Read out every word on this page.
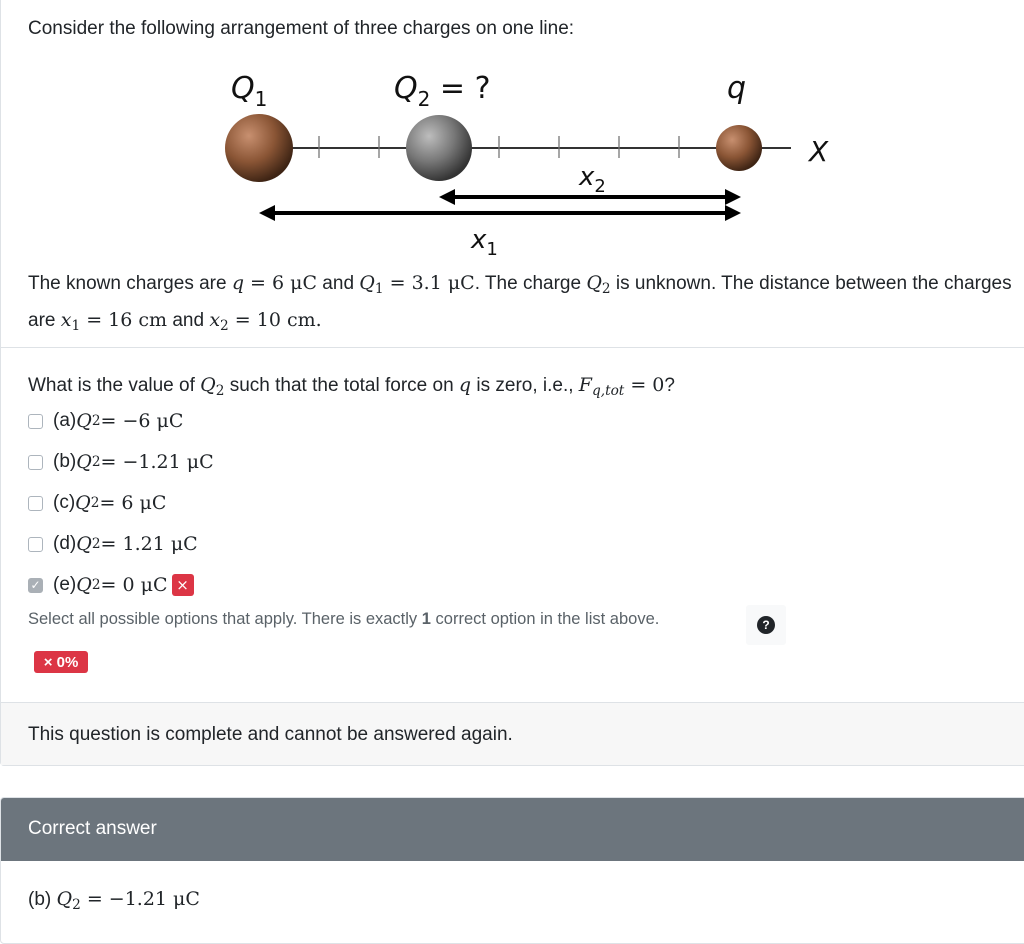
Consider the following arrangement of three charges on one line:
$Q_1$	$Q_2$ = ?	q
X
$x_2$
$x_1$
The known charges are q = 6 μC and $Q_1 = 3.1$ μC. The charge $Q_2$ is unknown. The distance between the charges are $x_1 = 16$ cm and $x_2 = 10$ cm.
What is the value of $Q_2$ such that the total force on q is zero, i.e., $F_{q,tot} = 0$?
(a) Q 2 = −6 μC
(b) Q 2 = −1.21 μC
(c) Q 2 = 6 μC
(d) Q 2 = 1.21 μC
✓ (e) Q 2 = 0 μC ×
Select all possible options that apply. There is exactly 1 correct option in the list above.	?
× 0%
This question is complete and cannot be answered again.
Correct answer
(b) $Q_2 = -1.21$ μC
